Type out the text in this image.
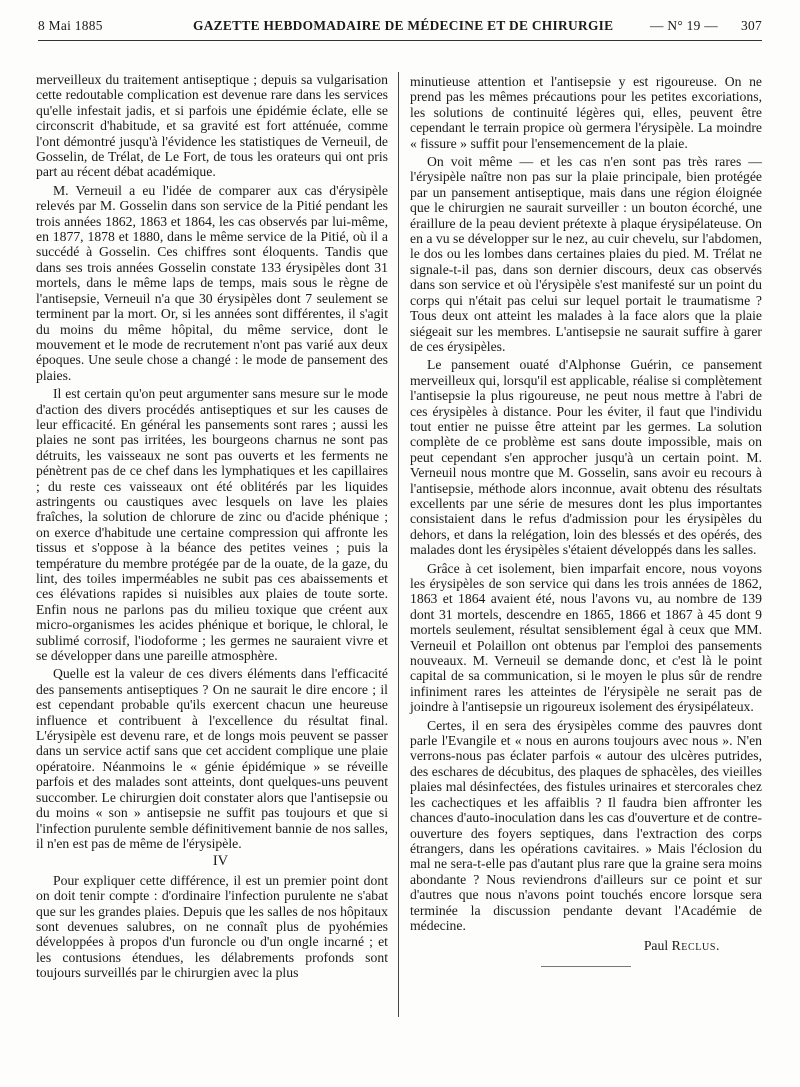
8 Mai 1885	GAZETTE HEBDOMADAIRE DE MÉDECINE ET DE CHIRURGIE	— N° 19 — 307

merveilleux du traitement antiseptique ; depuis sa vulgarisation cette redoutable complication est devenue rare dans les services qu'elle infestait jadis, et si parfois une épidémie éclate, elle se circonscrit d'habitude, et sa gravité est fort atténuée, comme l'ont démontré jusqu'à l'évidence les statistiques de Verneuil, de Gosselin, de Trélat, de Le Fort, de tous les orateurs qui ont pris part au récent débat académique.

M. Verneuil a eu l'idée de comparer aux cas d'érysipèle relevés par M. Gosselin dans son service de la Pitié pendant les trois années 1862, 1863 et 1864, les cas observés par lui-même, en 1877, 1878 et 1880, dans le même service de la Pitié, où il a succédé à Gosselin. Ces chiffres sont éloquents. Tandis que dans ses trois années Gosselin constate 133 érysipèles dont 31 mortels, dans le même laps de temps, mais sous le règne de l'antisepsie, Verneuil n'a que 30 érysipèles dont 7 seulement se terminent par la mort. Or, si les années sont différentes, il s'agit du moins du même hôpital, du même service, dont le mouvement et le mode de recrutement n'ont pas varié aux deux époques. Une seule chose a changé : le mode de pansement des plaies.

Il est certain qu'on peut argumenter sans mesure sur le mode d'action des divers procédés antiseptiques et sur les causes de leur efficacité. En général les pansements sont rares ; aussi les plaies ne sont pas irritées, les bourgeons charnus ne sont pas détruits, les vaisseaux ne sont pas ouverts et les ferments ne pénètrent pas de ce chef dans les lymphatiques et les capillaires ; du reste ces vaisseaux ont été oblitérés par les liquides astringents ou caustiques avec lesquels on lave les plaies fraîches, la solution de chlorure de zinc ou d'acide phénique ; on exerce d'habitude une certaine compression qui affronte les tissus et s'oppose à la béance des petites veines ; puis la température du membre protégée par de la ouate, de la gaze, du lint, des toiles imperméables ne subit pas ces abaissements et ces élévations rapides si nuisibles aux plaies de toute sorte. Enfin nous ne parlons pas du milieu toxique que créent aux micro-organismes les acides phénique et borique, le chloral, le sublimé corrosif, l'iodoforme ; les germes ne sauraient vivre et se développer dans une pareille atmosphère.

Quelle est la valeur de ces divers éléments dans l'efficacité des pansements antiseptiques ? On ne saurait le dire encore ; il est cependant probable qu'ils exercent chacun une heureuse influence et contribuent à l'excellence du résultat final. L'érysipèle est devenu rare, et de longs mois peuvent se passer dans un service actif sans que cet accident complique une plaie opératoire. Néanmoins le « génie épidémique » se réveille parfois et des malades sont atteints, dont quelques-uns peuvent succomber. Le chirurgien doit constater alors que l'antisepsie ou du moins « son » antisepsie ne suffit pas toujours et que si l'infection purulente semble définitivement bannie de nos salles, il n'en est pas de même de l'érysipèle.

IV

Pour expliquer cette différence, il est un premier point dont on doit tenir compte : d'ordinaire l'infection purulente ne s'abat que sur les grandes plaies. Depuis que les salles de nos hôpitaux sont devenues salubres, on ne connaît plus de pyohémies développées à propos d'un furoncle ou d'un ongle incarné ; et les contusions étendues, les délabrements profonds sont toujours surveillés par le chirurgien avec la plus

minutieuse attention et l'antisepsie y est rigoureuse. On ne prend pas les mêmes précautions pour les petites excoriations, les solutions de continuité légères qui, elles, peuvent être cependant le terrain propice où germera l'érysipèle. La moindre « fissure » suffit pour l'ensemencement de la plaie.

On voit même — et les cas n'en sont pas très rares — l'érysipèle naître non pas sur la plaie principale, bien protégée par un pansement antiseptique, mais dans une région éloignée que le chirurgien ne saurait surveiller : un bouton écorché, une éraillure de la peau devient prétexte à plaque érysipélateuse. On en a vu se développer sur le nez, au cuir chevelu, sur l'abdomen, le dos ou les lombes dans certaines plaies du pied. M. Trélat ne signale-t-il pas, dans son dernier discours, deux cas observés dans son service et où l'érysipèle s'est manifesté sur un point du corps qui n'était pas celui sur lequel portait le traumatisme ? Tous deux ont atteint les malades à la face alors que la plaie siégeait sur les membres. L'antisepsie ne saurait suffire à garer de ces érysipèles.

Le pansement ouaté d'Alphonse Guérin, ce pansement merveilleux qui, lorsqu'il est applicable, réalise si complètement l'antisepsie la plus rigoureuse, ne peut nous mettre à l'abri de ces érysipèles à distance. Pour les éviter, il faut que l'individu tout entier ne puisse être atteint par les germes. La solution complète de ce problème est sans doute impossible, mais on peut cependant s'en approcher jusqu'à un certain point. M. Verneuil nous montre que M. Gosselin, sans avoir eu recours à l'antisepsie, méthode alors inconnue, avait obtenu des résultats excellents par une série de mesures dont les plus importantes consistaient dans le refus d'admission pour les érysipèles du dehors, et dans la relégation, loin des blessés et des opérés, des malades dont les érysipèles s'étaient développés dans les salles.

Grâce à cet isolement, bien imparfait encore, nous voyons les érysipèles de son service qui dans les trois années de 1862, 1863 et 1864 avaient été, nous l'avons vu, au nombre de 139 dont 31 mortels, descendre en 1865, 1866 et 1867 à 45 dont 9 mortels seulement, résultat sensiblement égal à ceux que MM. Verneuil et Polaillon ont obtenus par l'emploi des pansements nouveaux. M. Verneuil se demande donc, et c'est là le point capital de sa communication, si le moyen le plus sûr de rendre infiniment rares les atteintes de l'érysipèle ne serait pas de joindre à l'antisepsie un rigoureux isolement des érysipélateux.

Certes, il en sera des érysipèles comme des pauvres dont parle l'Evangile et « nous en aurons toujours avec nous ». N'en verrons-nous pas éclater parfois « autour des ulcères putrides, des eschares de décubitus, des plaques de sphacèles, des vieilles plaies mal désinfectées, des fistules urinaires et stercorales chez les cachectiques et les affaiblis ? Il faudra bien affronter les chances d'auto-inoculation dans les cas d'ouverture et de contre-ouverture des foyers septiques, dans l'extraction des corps étrangers, dans les opérations cavitaires. » Mais l'éclosion du mal ne sera-t-elle pas d'autant plus rare que la graine sera moins abondante ? Nous reviendrons d'ailleurs sur ce point et sur d'autres que nous n'avons point touchés encore lorsque sera terminée la discussion pendante devant l'Académie de médecine.

Paul Reclus.
